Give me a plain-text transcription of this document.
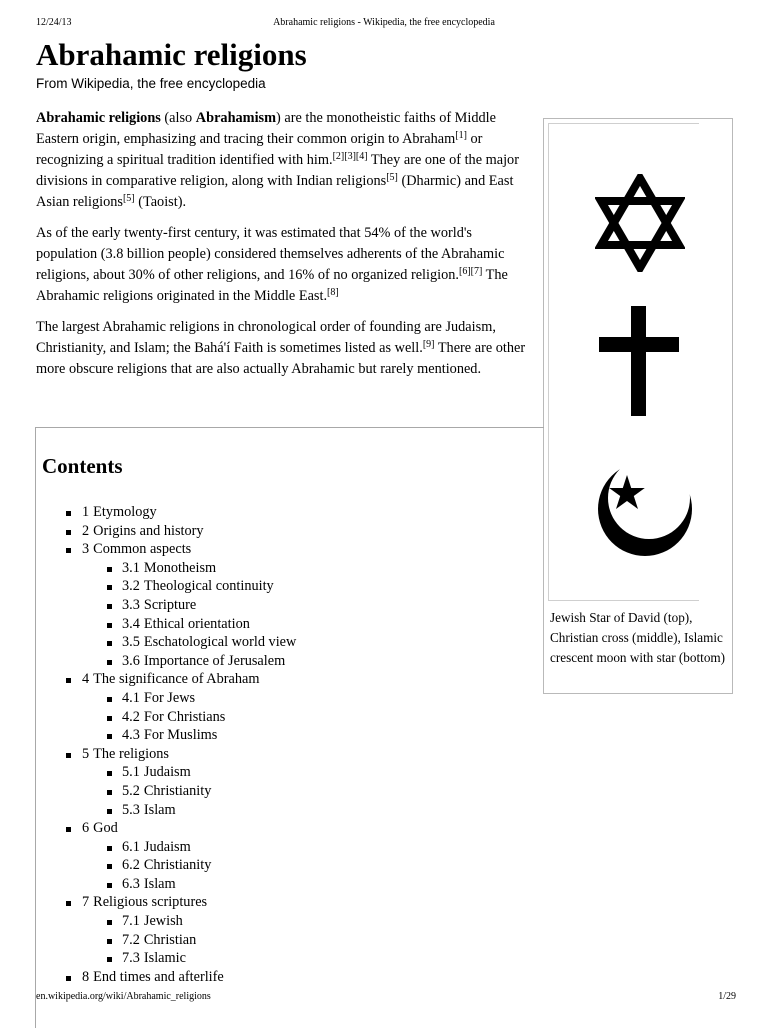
12/24/13	Abrahamic religions - Wikipedia, the free encyclopedia
Abrahamic religions
From Wikipedia, the free encyclopedia

Abrahamic religions (also Abrahamism) are the monotheistic faiths of Middle Eastern origin, emphasizing and tracing their common origin to Abraham[1] or recognizing a spiritual tradition identified with him.[2][3][4] They are one of the major divisions in comparative religion, along with Indian religions[5] (Dharmic) and East Asian religions[5] (Taoist).

As of the early twenty-first century, it was estimated that 54% of the world's population (3.8 billion people) considered themselves adherents of the Abrahamic religions, about 30% of other religions, and 16% of no organized religion.[6][7] The Abrahamic religions originated in the Middle East.[8]

The largest Abrahamic religions in chronological order of founding are Judaism, Christianity, and Islam; the Bahá'í Faith is sometimes listed as well.[9] There are other more obscure religions that are also actually Abrahamic but rarely mentioned.

Jewish Star of David (top), Christian cross (middle), Islamic crescent moon with star (bottom)
Contents
1 Etymology
2 Origins and history
3 Common aspects
3.1 Monotheism
3.2 Theological continuity
3.3 Scripture
3.4 Ethical orientation
3.5 Eschatological world view
3.6 Importance of Jerusalem
4 The significance of Abraham
4.1 For Jews
4.2 For Christians
4.3 For Muslims
5 The religions
5.1 Judaism
5.2 Christianity
5.3 Islam
6 God
6.1 Judaism
6.2 Christianity
6.3 Islam
7 Religious scriptures
7.1 Jewish
7.2 Christian
7.3 Islamic
8 End times and afterlife
en.wikipedia.org/wiki/Abrahamic_religions	1/29
